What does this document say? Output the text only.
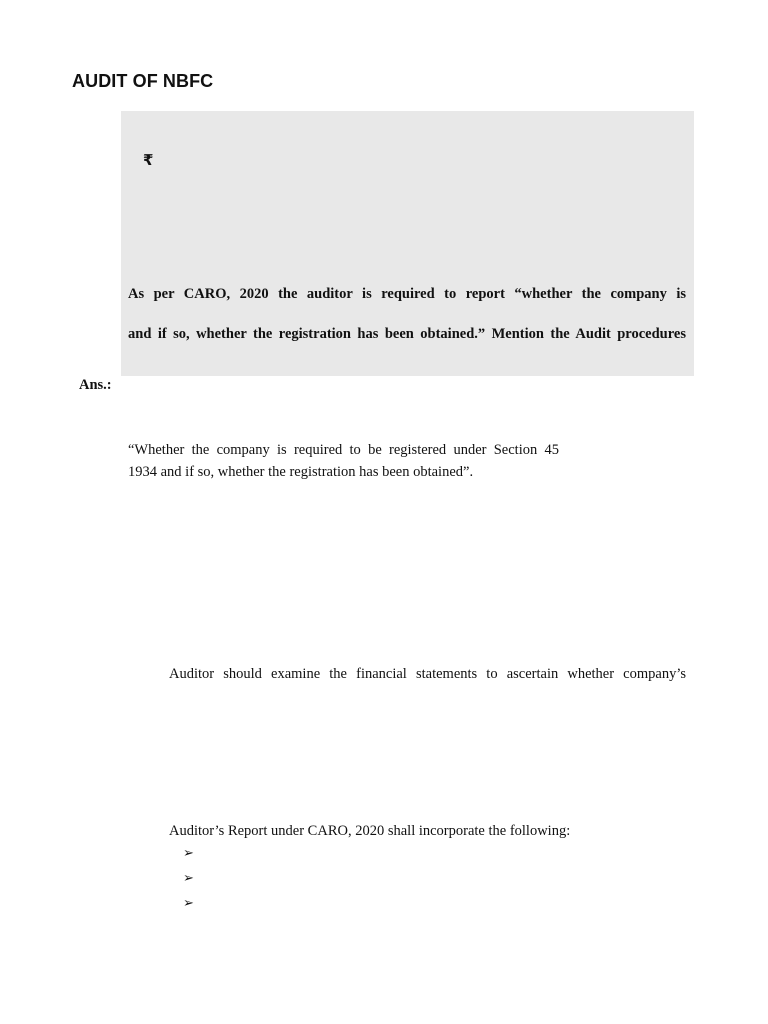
AUDIT OF NBFC
₹
As per CARO, 2020 the auditor is required to report “whether the company is
and if so, whether the registration has been obtained.” Mention the Audit procedures
Ans.:
“Whether the company is required to be registered under Section 45
1934 and if so, whether the registration has been obtained”.
Auditor should examine the financial statements to ascertain whether company’s
Auditor’s Report under CARO, 2020 shall incorporate the following:
➢
➢
➢
